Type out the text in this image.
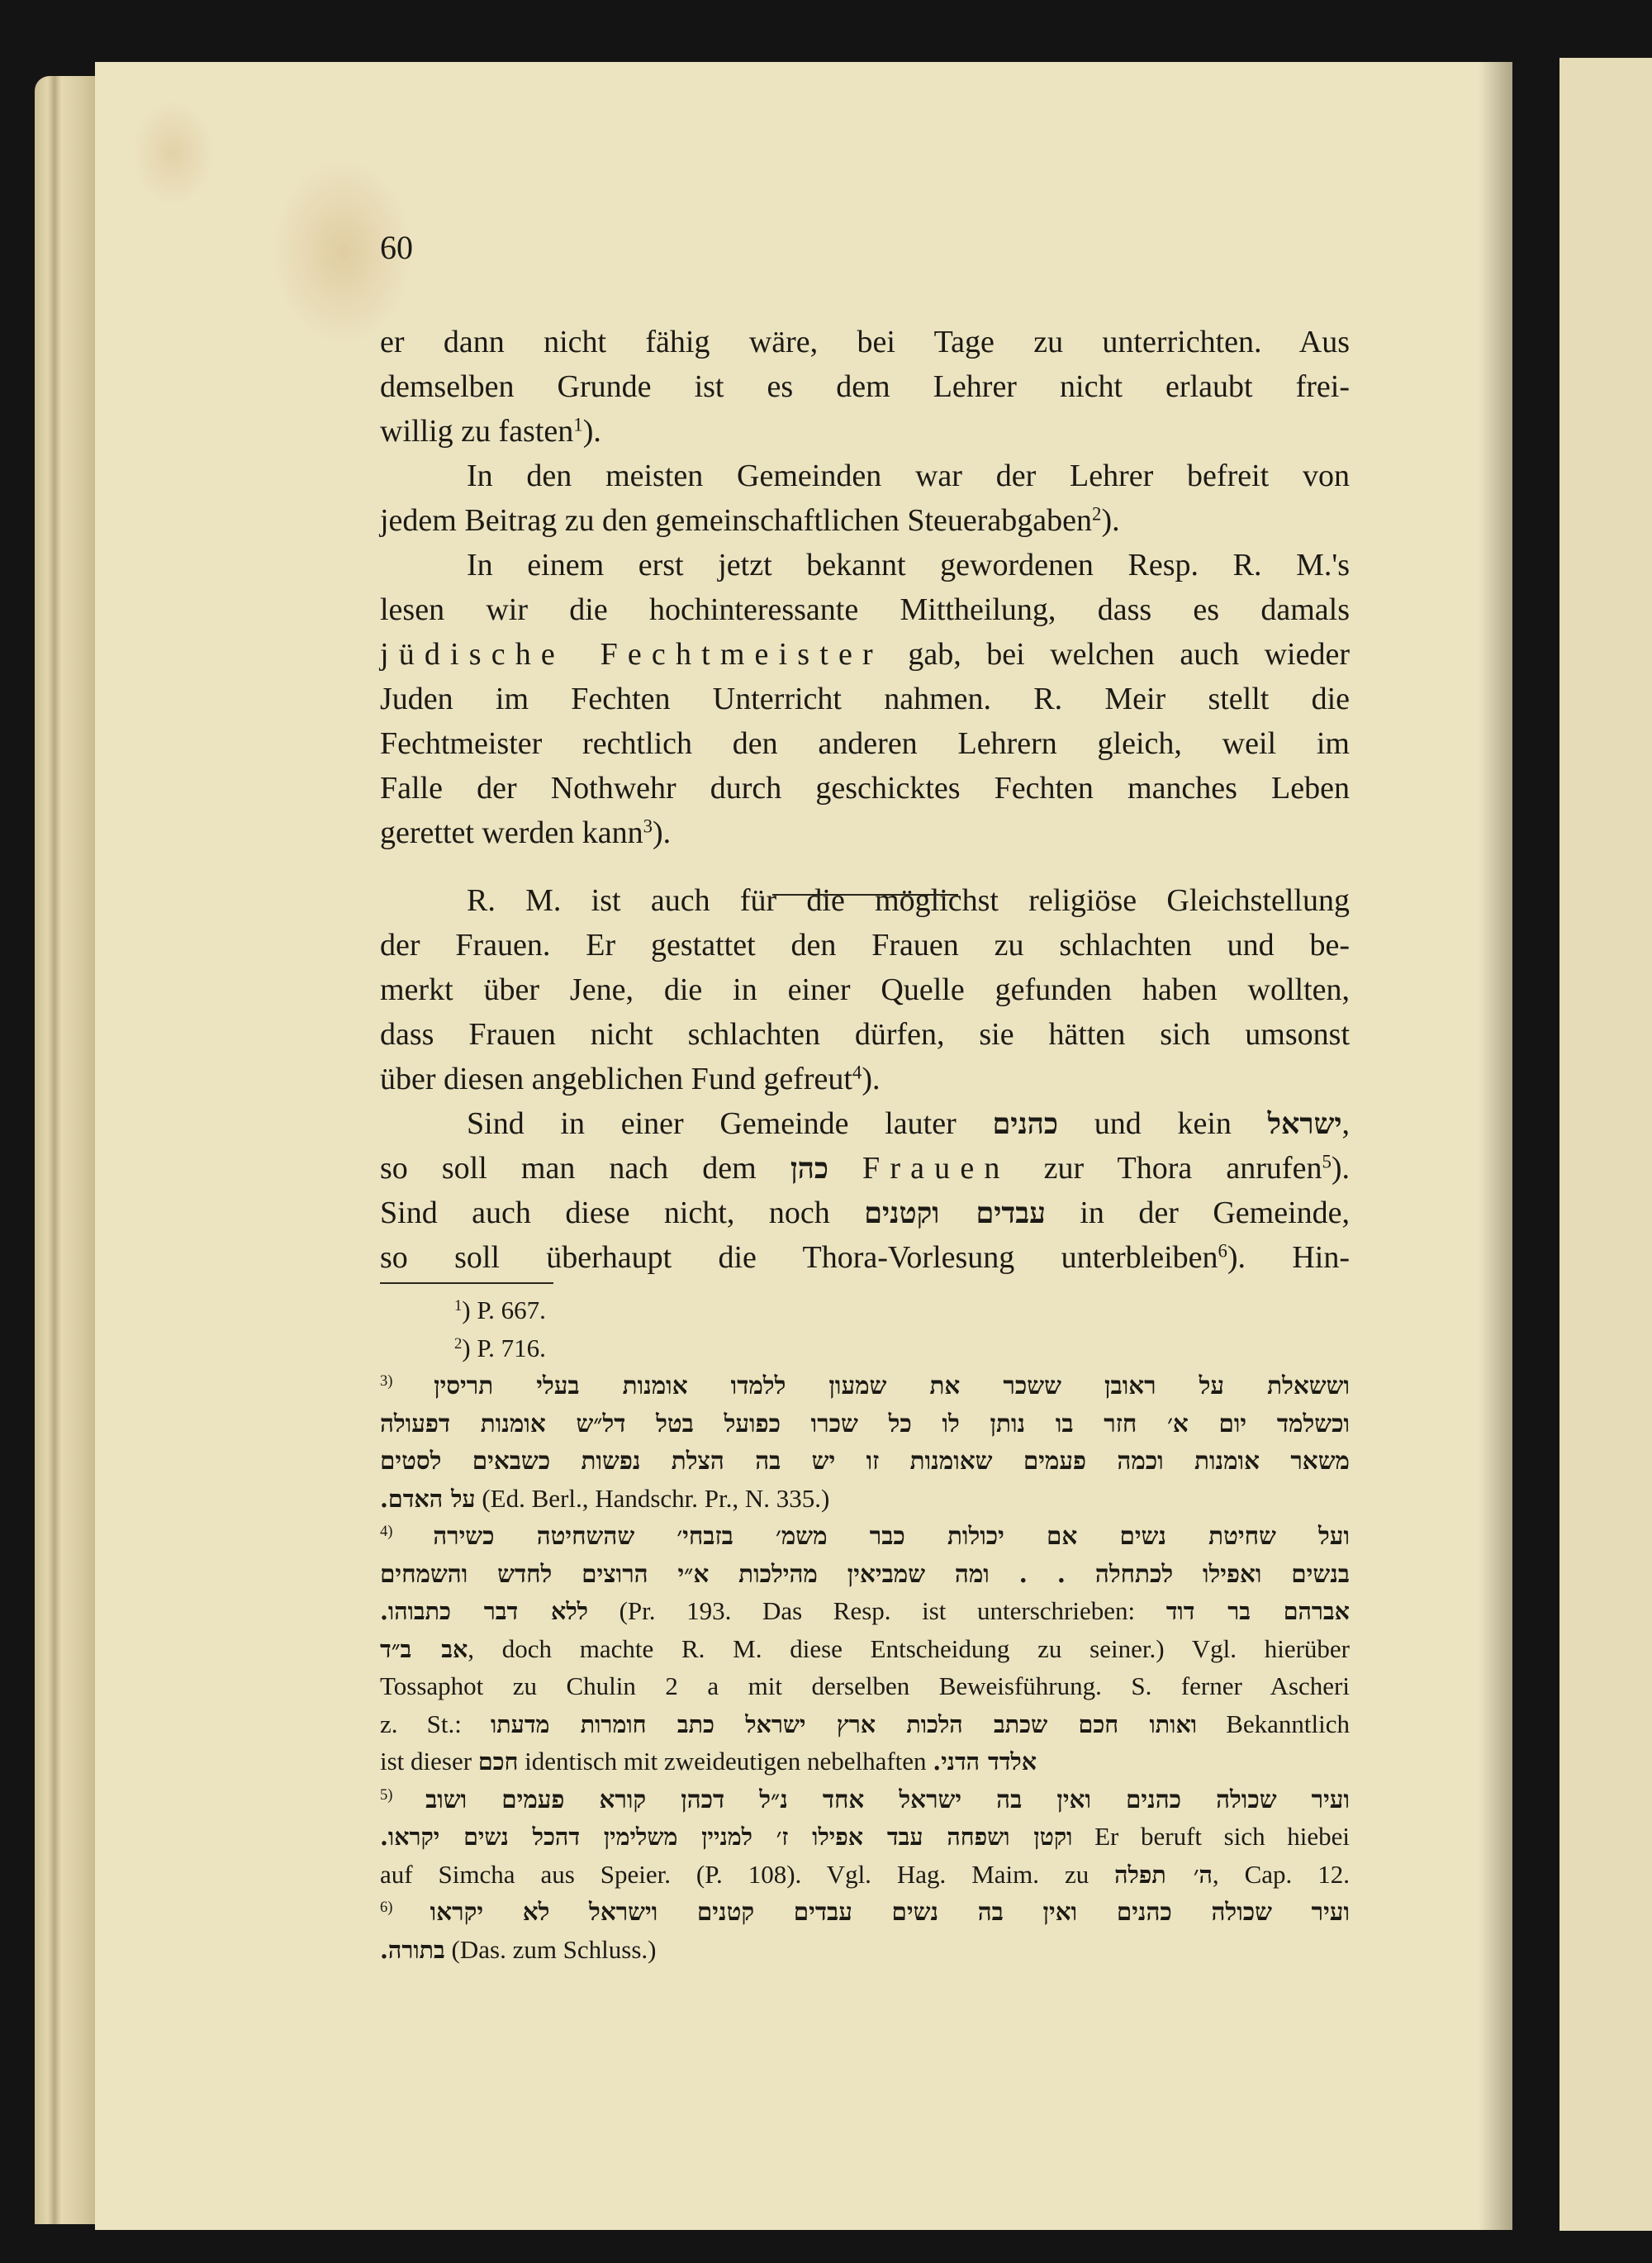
60
er dann nicht fähig wäre, bei Tage zu unterrichten. Aus
demselben Grunde ist es dem Lehrer nicht erlaubt frei-
willig zu fasten$^1$).
In den meisten Gemeinden war der Lehrer befreit von
jedem Beitrag zu den gemeinschaftlichen Steuerabgaben$^2$).
In einem erst jetzt bekannt gewordenen Resp. R. M.'s
lesen wir die hochinteressante Mittheilung, dass es damals
jüdische Fechtmeister gab, bei welchen auch wieder
Juden im Fechten Unterricht nahmen. R. Meir stellt die
Fechtmeister rechtlich den anderen Lehrern gleich, weil im
Falle der Nothwehr durch geschicktes Fechten manches Leben
gerettet werden kann$^3$).
R. M. ist auch für die möglichst religiöse Gleichstellung
der Frauen. Er gestattet den Frauen zu schlachten und be-
merkt über Jene, die in einer Quelle gefunden haben wollten,
dass Frauen nicht schlachten dürfen, sie hätten sich umsonst
über diesen angeblichen Fund gefreut$^4$).
Sind in einer Gemeinde lauter כהנים und kein ישראל,
so soll man nach dem כהן Frauen zur Thora anrufen$^5$).
Sind auch diese nicht, noch עבדים וקטנים in der Gemeinde,
so soll überhaupt die Thora-Vorlesung unterbleiben$^6$). Hin-
$^1$) P. 667.
$^2$) P. 716.
וששאלת על ראובן ששכר את שמעון ללמדו אומנות בעלי תריסין $^{3)}$
וכשלמד יום א׳ חזר בו נותן לו כל שכרו כפועל בטל דל״ש אומנות דפעולה
משאר אומנות וכמה פעמים שאומנות זו יש בה הצלת נפשות כשבאים לסטים
על האדם. (Ed. Berl., Handschr. Pr., N. 335.)
ועל שחיטת נשים אם יכולות כבר משמ׳ בזבחי׳ שהשחיטה כשירה $^{4)}$
בנשים ואפילו לכתחלה . . ומה שמביאין מהילכות א״י הרוצים לחדש והשמחים
ללא דבר כתבוהו. (Pr. 193. Das Resp. ist unterschrieben: אברהם בר דוד
אב ב״ד, doch machte R. M. diese Entscheidung zu seiner.) Vgl. hierüber
Tossaphot zu Chulin 2 a mit derselben Beweisführung. S. ferner Ascheri
z. St.: ואותו חכם שכתב הלכות ארץ ישראל כתב חומרות מדעתו Bekanntlich
ist dieser חכם identisch mit zweideutigen nebelhaften אלדד הדני.
ועיר שכולה כהנים ואין בה ישראל אחד נ״ל דכהן קורא פעמים ושוב $^{5)}$
וקטן ושפחה עבד אפילו ז׳ למניין משלימין דהכל נשים יקראו. Er beruft sich hiebei
auf Simcha aus Speier. (P. 108). Vgl. Hag. Maim. zu ה׳ תפלה, Cap. 12.
ועיר שכולה כהנים ואין בה נשים עבדים קטנים וישראל לא יקראו $^{6)}$
בתורה. (Das. zum Schluss.)
